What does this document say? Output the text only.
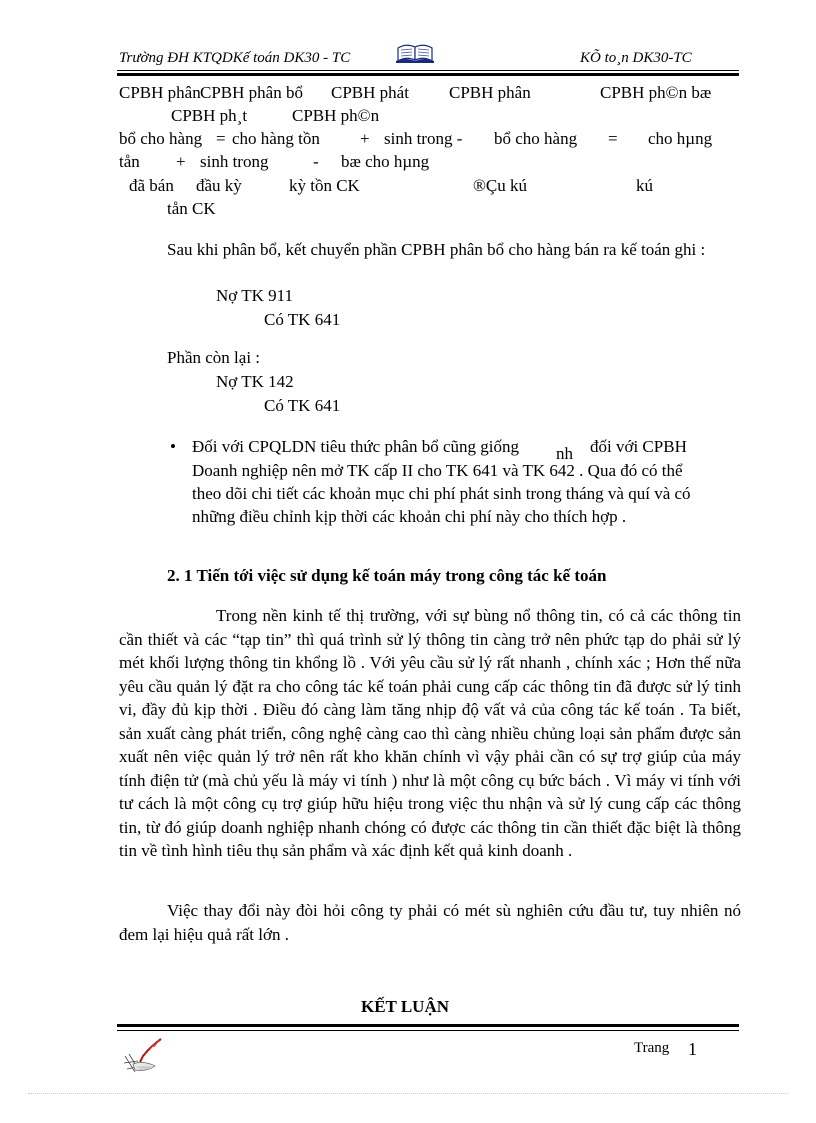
Trường ĐH KTQDKế toán DK30 - TC	KÕ to¸n DK30-TC
CPBH phân CPBH phân bổ CPBH phát CPBH phân	CPBH ph©n bæ
CPBH ph¸t	CPBH ph©n
bổ cho hàng = cho hàng tồn + sinh trong - bổ cho hàng = cho hµng
tån + sinh trong	- bæ cho hµng
đã bán đầu kỳ	kỳ tồn CK	®Çu kú	kú
tån CK
Sau khi phân bổ, kết chuyển phần CPBH phân bổ cho hàng bán ra kế toán ghi :
Nợ TK 911
Có TK 641
Phần còn lại :
Nợ TK 142
Có TK 641
• Đối với CPQLDN tiêu thức phân bổ cũng giống nh đối với CPBH
Doanh nghiệp nên mở TK cấp II cho TK 641 và TK 642 . Qua đó có thể
theo dõi chi tiết các khoản mục chi phí phát sinh trong tháng và quí và có
những điều chỉnh kịp thời các khoản chi phí này cho thích hợp .
2. 1 Tiến tới việc sử dụng kế toán máy trong công tác kế toán
Trong nền kinh tế thị trường, với sự bùng nổ thông tin, có cả các thông tin cần thiết và các “tạp tin” thì quá trình sử lý thông tin càng trở nên phức tạp do phải sử lý mét khối lượng thông tin khổng lồ . Với yêu cầu sử lý rất nhanh , chính xác ; Hơn thế nữa yêu cầu quản lý đặt ra cho công tác kế toán phải cung cấp các thông tin đã được sử lý tinh vi, đầy đủ kịp thời . Điều đó càng làm tăng nhịp độ vất vả của công tác kế toán . Ta biết, sản xuất càng phát triển, công nghệ càng cao thì càng nhiều chủng loại sản phẩm được sản xuất nên việc quản lý trở nên rất kho khăn chính vì vậy phải cần có sự trợ giúp của máy tính điện tử (mà chủ yếu là máy vi tính ) như là một công cụ bức bách . Vì máy vi tính với tư cách là một công cụ trợ giúp hữu hiệu trong việc thu nhận và sử lý cung cấp các thông tin, từ đó giúp doanh nghiệp nhanh chóng có được các thông tin cần thiết đặc biệt là thông tin về tình hình tiêu thụ sản phẩm và xác định kết quả kinh doanh .
Việc thay đổi này đòi hỏi công ty phải có mét sù nghiên cứu đầu tư, tuy nhiên nó đem lại hiệu quả rất lớn .
KẾT LUẬN
Trang 1
